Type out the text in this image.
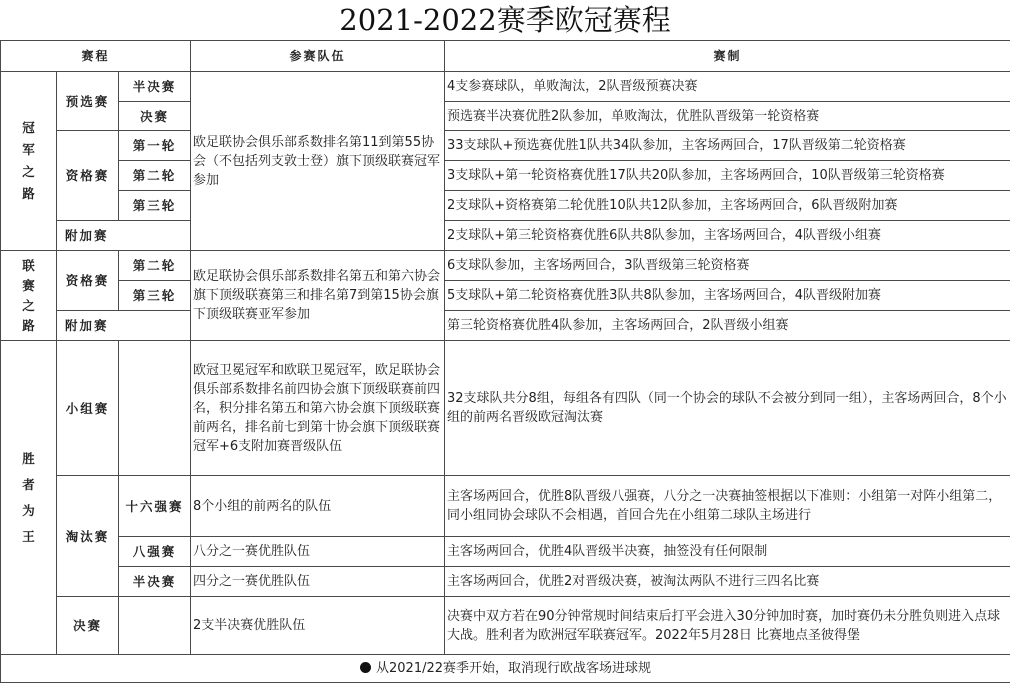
2021-2022赛季欧冠赛程
赛程			参赛队伍	赛制

冠军之路	预选赛	半决赛	欧足联协会俱乐部系数排名第11到第55协会（不包括列支敦士登）旗下顶级联赛冠军参加	4支参赛球队，单败淘汰，2队晋级预赛决赛
		决赛		预选赛半决赛优胜2队参加，单败淘汰，优胜队晋级第一轮资格赛
	资格赛	第一轮		33支球队+预选赛优胜1队共34队参加，主客场两回合，17队晋级第二轮资格赛
		第二轮		3支球队+第一轮资格赛优胜17队共20队参加，主客场两回合，10队晋级第三轮资格赛
		第三轮		2支球队+资格赛第二轮优胜10队共12队参加，主客场两回合，6队晋级附加赛
	附加赛			2支球队+第三轮资格赛优胜6队共8队参加，主客场两回合，4队晋级小组赛

联赛之路	资格赛	第二轮	欧足联协会俱乐部系数排名第五和第六协会旗下顶级联赛第三和排名第7到第15协会旗下顶级联赛亚军参加	6支球队参加，主客场两回合，3队晋级第三轮资格赛
		第三轮		5支球队+第二轮资格赛优胜3队共8队参加，主客场两回合，4队晋级附加赛
	附加赛			第三轮资格赛优胜4队参加，主客场两回合，2队晋级小组赛

胜者为王	小组赛		欧冠卫冕冠军和欧联卫冕冠军，欧足联协会俱乐部系数排名前四协会旗下顶级联赛前四名，积分排名第五和第六协会旗下顶级联赛前两名，排名前七到第十协会旗下顶级联赛冠军+6支附加赛晋级队伍	32支球队共分8组，每组各有四队（同一个协会的球队不会被分到同一组），主客场两回合，8个小组的前两名晋级欧冠淘汰赛
	淘汰赛	十六强赛	8个小组的前两名的队伍	主客场两回合，优胜8队晋级八强赛，八分之一决赛抽签根据以下准则：小组第一对阵小组第二，同小组同协会球队不会相遇，首回合先在小组第二球队主场进行
		八强赛	八分之一赛优胜队伍	主客场两回合，优胜4队晋级半决赛，抽签没有任何限制
		半决赛	四分之一赛优胜队伍	主客场两回合，优胜2对晋级决赛，被淘汰两队不进行三四名比赛
	决赛		2支半决赛优胜队伍	决赛中双方若在90分钟常规时间结束后打平会进入30分钟加时赛，加时赛仍未分胜负则进入点球大战。胜利者为欧洲冠军联赛冠军。2022年5月28日 比赛地点圣彼得堡
从2021/22赛季开始，取消现行欧战客场进球规				
